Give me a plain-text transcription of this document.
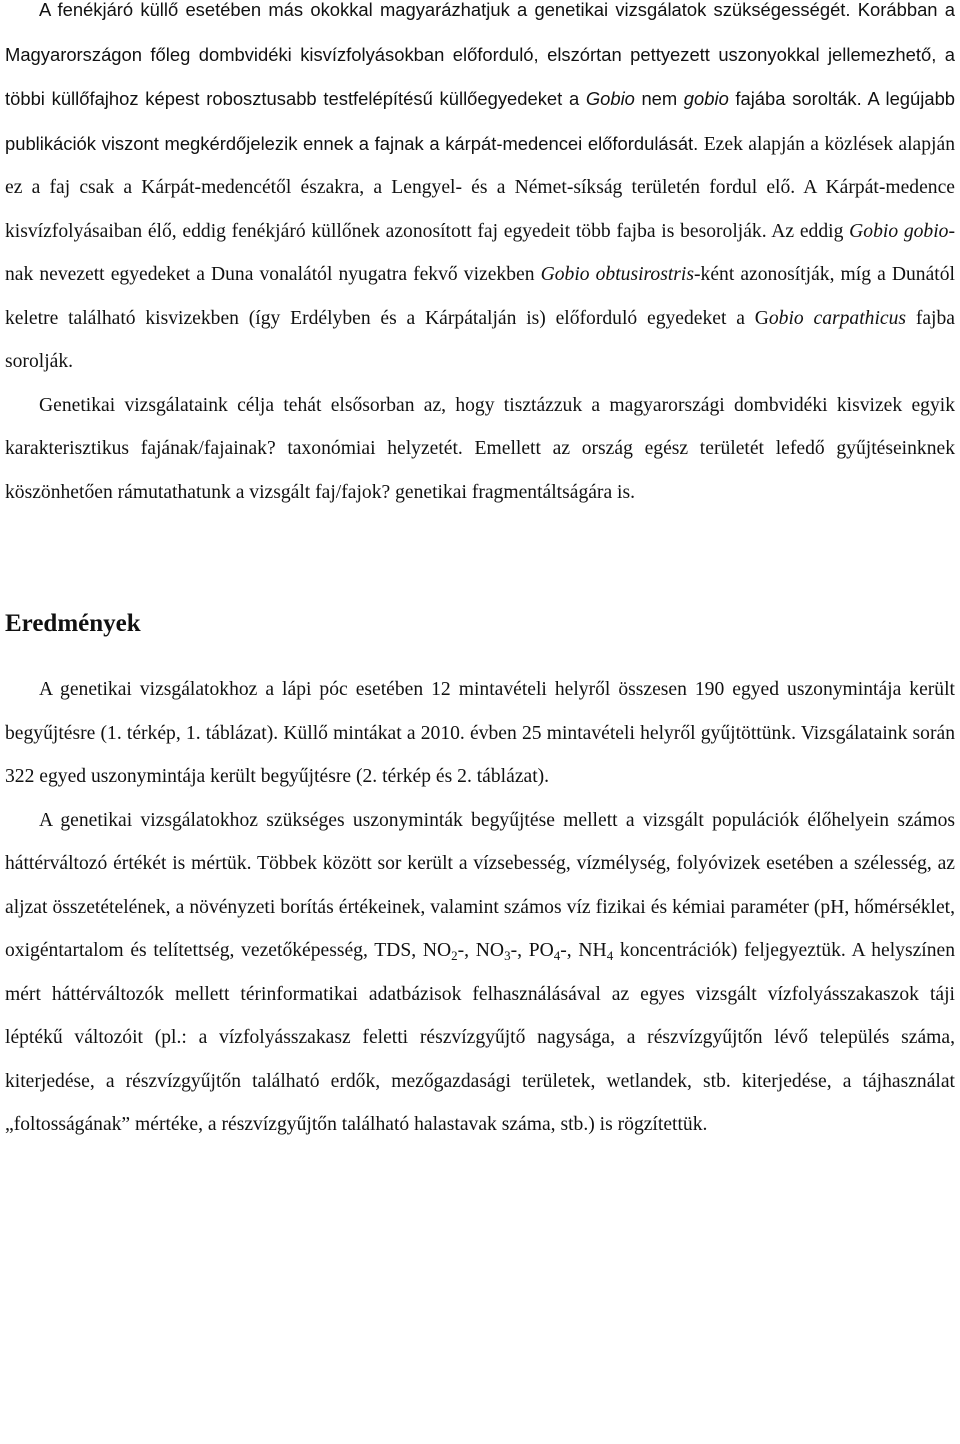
A fenékjáró küllő esetében más okokkal magyarázhatjuk a genetikai vizsgálatok szükségességét. Korábban a Magyarországon főleg dombvidéki kisvízfolyásokban előforduló, elszórtan pettyezett uszonyokkal jellemezhető, a többi küllőfajhoz képest robosztusabb testfelépítésű küllőegyedeket a Gobio nem gobio fajába sorolták. A legújabb publikációk viszont megkérdőjelezik ennek a fajnak a kárpát-medencei előfordulását. Ezek alapján a közlések alapján ez a faj csak a Kárpát-medencétől északra, a Lengyel- és a Német-síkság területén fordul elő. A Kárpát-medence kisvízfolyásaiban élő, eddig fenékjáró küllőnek azonosított faj egyedeit több fajba is besorolják. Az eddig Gobio gobio-nak nevezett egyedeket a Duna vonalától nyugatra fekvő vizekben Gobio obtusirostris-ként azonosítják, míg a Dunától keletre található kisvizekben (így Erdélyben és a Kárpátalján is) előforduló egyedeket a Gobio carpathicus fajba sorolják.

Genetikai vizsgálataink célja tehát elsősorban az, hogy tisztázzuk a magyarországi dombvidéki kisvizek egyik karakterisztikus fajának/fajainak? taxonómiai helyzetét. Emellett az ország egész területét lefedő gyűjtéseinknek köszönhetően rámutathatunk a vizsgált faj/fajok? genetikai fragmentáltságára is.

Eredmények

A genetikai vizsgálatokhoz a lápi póc esetében 12 mintavételi helyről összesen 190 egyed uszonymintája került begyűjtésre (1. térkép, 1. táblázat). Küllő mintákat a 2010. évben 25 mintavételi helyről gyűjtöttünk. Vizsgálataink során 322 egyed uszonymintája került begyűjtésre (2. térkép és 2. táblázat).

A genetikai vizsgálatokhoz szükséges uszonyminták begyűjtése mellett a vizsgált populációk élőhelyein számos háttérváltozó értékét is mértük. Többek között sor került a vízsebesség, vízmélység, folyóvizek esetében a szélesség, az aljzat összetételének, a növényzeti borítás értékeinek, valamint számos víz fizikai és kémiai paraméter (pH, hőmérséklet, oxigéntartalom és telítettség, vezetőképesség, TDS, $NO_2-$, $NO_3-$, $PO_4-$, $NH_4$ koncentrációk) feljegyeztük. A helyszínen mért háttérváltozók mellett térinformatikai adatbázisok felhasználásával az egyes vizsgált vízfolyásszakaszok táji léptékű változóit (pl.: a vízfolyásszakasz feletti részvízgyűjtő nagysága, a részvízgyűjtőn lévő település száma, kiterjedése, a részvízgyűjtőn található erdők, mezőgazdasági területek, wetlandek, stb. kiterjedése, a tájhasználat „foltosságának” mértéke, a részvízgyűjtőn található halastavak száma, stb.) is rögzítettük.
